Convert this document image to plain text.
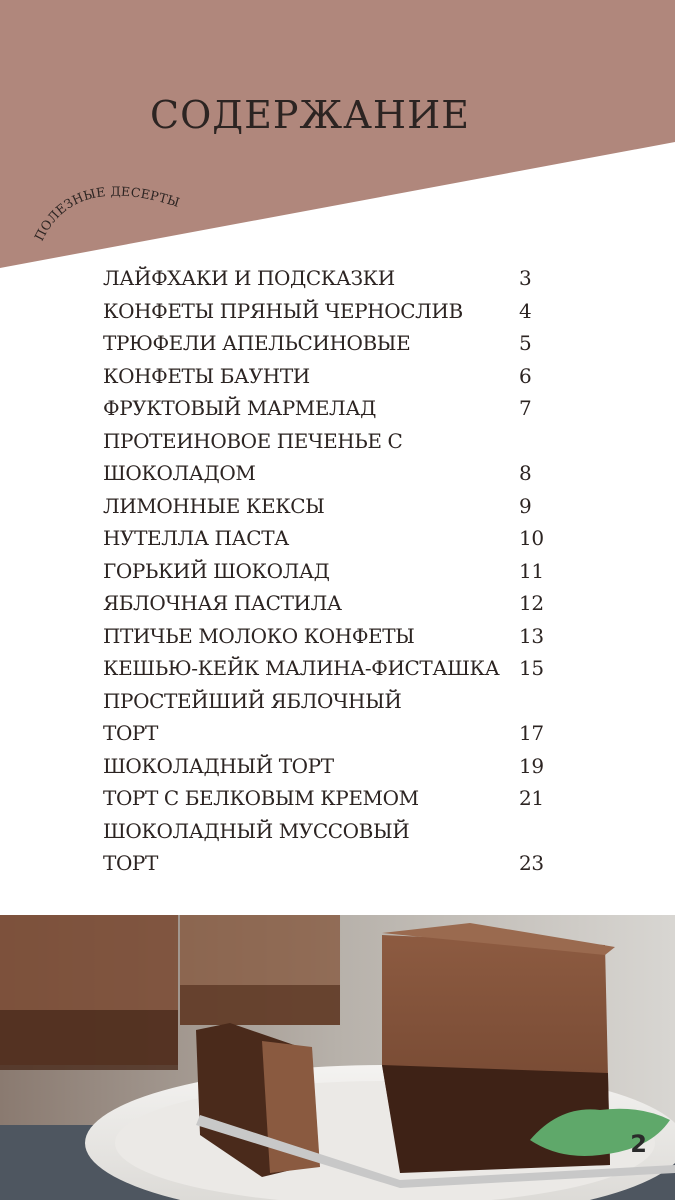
СОДЕРЖАНИЕ
ПОЛЕЗНЫЕ ДЕСЕРТЫ
ЛАЙФХАКИ И ПОДСКАЗКИ	3
КОНФЕТЫ ПРЯНЫЙ ЧЕРНОСЛИВ	4
ТРЮФЕЛИ АПЕЛЬСИНОВЫЕ	5
КОНФЕТЫ БАУНТИ	6
ФРУКТОВЫЙ МАРМЕЛАД	7
ПРОТЕИНОВОЕ ПЕЧЕНЬЕ С
ШОКОЛАДОМ	8
ЛИМОННЫЕ КЕКСЫ	9
НУТЕЛЛА ПАСТА	10
ГОРЬКИЙ ШОКОЛАД	11
ЯБЛОЧНАЯ ПАСТИЛА	12
ПТИЧЬЕ МОЛОКО КОНФЕТЫ	13
КЕШЬЮ-КЕЙК МАЛИНА-ФИСТАШКА 15
ПРОСТЕЙШИЙ ЯБЛОЧНЫЙ
ТОРТ	17
ШОКОЛАДНЫЙ ТОРТ	19
ТОРТ С БЕЛКОВЫМ КРЕМОМ	21
ШОКОЛАДНЫЙ МУССОВЫЙ
ТОРТ	23
2
